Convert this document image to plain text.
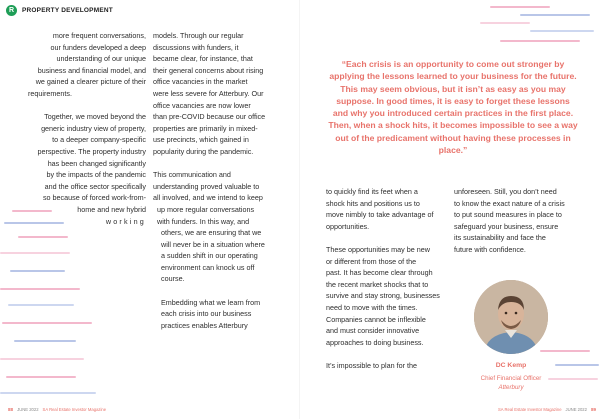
R	PROPERTY DEVELOPMENT

more frequent conversations,

our funders developed a deep

understanding of our unique

business and financial model, and

we gained a clearer picture of their

requirements.

Together, we moved beyond the

generic industry view of property,

to a deeper company-specific

perspective. The property industry

has been changed significantly

by the impacts of the pandemic

and the office sector specifically

so because of forced work-from-

home and new hybrid

working

models. Through our regular

discussions with funders, it

became clear, for instance, that

their general concerns about rising

office vacancies in the market

were less severe for Atterbury. Our

office vacancies are now lower

than pre-COVID because our office

properties are primarily in mixed-

use precincts, which gained in

popularity during the pandemic.

This communication and

understanding proved valuable to

all involved, and we intend to keep

up more regular conversations

with funders. In this way, and

others, we are ensuring that we

will never be in a situation where

a sudden shift in our operating

environment can knock us off

course.

Embedding what we learn from

each crisis into our business

practices enables Atterbury

88 JUNE 2022 SA Real Estate Investor Magazine
“Each crisis is an opportunity to come out stronger by applying the lessons learned to your business for the future. This may seem obvious, but it isn’t as easy as you may suppose. In good times, it is easy to forget these lessons and why you introduced certain practices in the first place. Then, when a shock hits, it becomes impossible to see a way out of the predicament without having these processes in place.”

to quickly find its feet when a

shock hits and positions us to

move nimbly to take advantage of

opportunities.

These opportunities may be new

or different from those of the

past. It has become clear through

the recent market shocks that to

survive and stay strong, businesses

need to move with the times.

Companies cannot be inflexible

and must consider innovative

approaches to doing business.

It’s impossible to plan for the

unforeseen. Still, you don’t need

to know the exact nature of a crisis

to put sound measures in place to

safeguard your business, ensure

its sustainability and face the

future with confidence.

DC Kemp
Chief Financial Officer
Atterbury
SA Real Estate Investor Magazine JUNE 2022 89
